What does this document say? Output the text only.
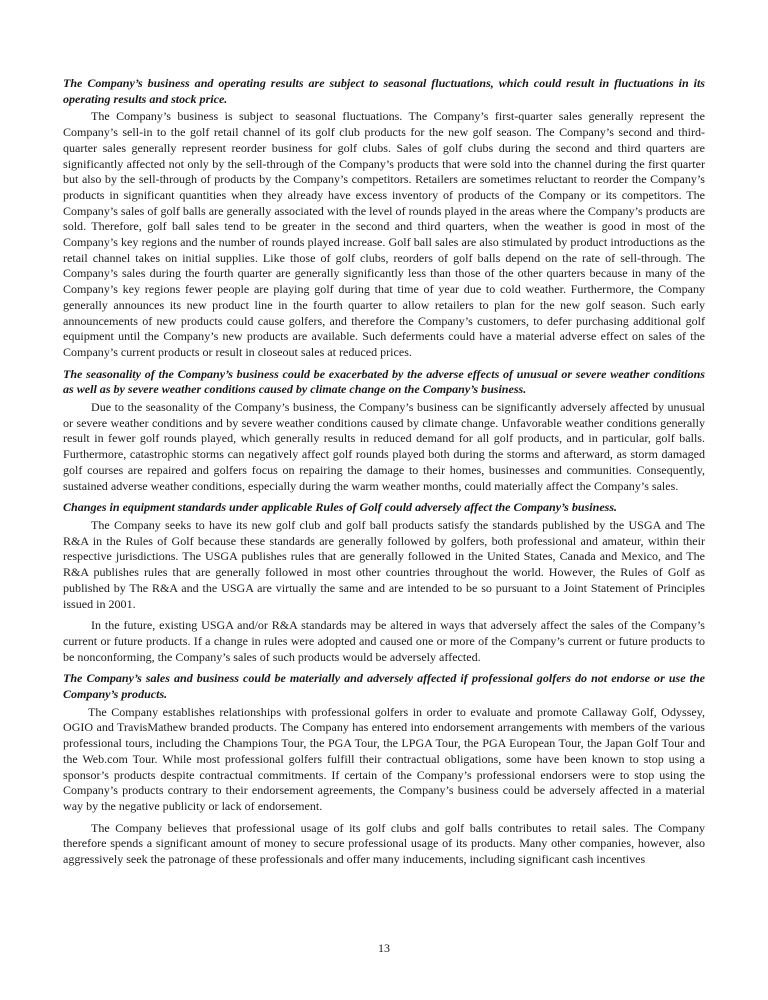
The Company’s business and operating results are subject to seasonal fluctuations, which could result in fluctuations in its operating results and stock price.

The Company’s business is subject to seasonal fluctuations. The Company’s first-quarter sales generally represent the Company’s sell-in to the golf retail channel of its golf club products for the new golf season. The Company’s second and third-quarter sales generally represent reorder business for golf clubs. Sales of golf clubs during the second and third quarters are significantly affected not only by the sell-through of the Company’s products that were sold into the channel during the first quarter but also by the sell-through of products by the Company’s competitors. Retailers are sometimes reluctant to reorder the Company’s products in significant quantities when they already have excess inventory of products of the Company or its competitors. The Company’s sales of golf balls are generally associated with the level of rounds played in the areas where the Company’s products are sold. Therefore, golf ball sales tend to be greater in the second and third quarters, when the weather is good in most of the Company’s key regions and the number of rounds played increase. Golf ball sales are also stimulated by product introductions as the retail channel takes on initial supplies. Like those of golf clubs, reorders of golf balls depend on the rate of sell-through. The Company’s sales during the fourth quarter are generally significantly less than those of the other quarters because in many of the Company’s key regions fewer people are playing golf during that time of year due to cold weather. Furthermore, the Company generally announces its new product line in the fourth quarter to allow retailers to plan for the new golf season. Such early announcements of new products could cause golfers, and therefore the Company’s customers, to defer purchasing additional golf equipment until the Company’s new products are available. Such deferments could have a material adverse effect on sales of the Company’s current products or result in closeout sales at reduced prices.

The seasonality of the Company’s business could be exacerbated by the adverse effects of unusual or severe weather conditions as well as by severe weather conditions caused by climate change on the Company’s business.

Due to the seasonality of the Company’s business, the Company’s business can be significantly adversely affected by unusual or severe weather conditions and by severe weather conditions caused by climate change. Unfavorable weather conditions generally result in fewer golf rounds played, which generally results in reduced demand for all golf products, and in particular, golf balls. Furthermore, catastrophic storms can negatively affect golf rounds played both during the storms and afterward, as storm damaged golf courses are repaired and golfers focus on repairing the damage to their homes, businesses and communities. Consequently, sustained adverse weather conditions, especially during the warm weather months, could materially affect the Company’s sales.

Changes in equipment standards under applicable Rules of Golf could adversely affect the Company’s business.

The Company seeks to have its new golf club and golf ball products satisfy the standards published by the USGA and The R&A in the Rules of Golf because these standards are generally followed by golfers, both professional and amateur, within their respective jurisdictions. The USGA publishes rules that are generally followed in the United States, Canada and Mexico, and The R&A publishes rules that are generally followed in most other countries throughout the world. However, the Rules of Golf as published by The R&A and the USGA are virtually the same and are intended to be so pursuant to a Joint Statement of Principles issued in 2001.

In the future, existing USGA and/or R&A standards may be altered in ways that adversely affect the sales of the Company’s current or future products. If a change in rules were adopted and caused one or more of the Company’s current or future products to be nonconforming, the Company’s sales of such products would be adversely affected.

The Company’s sales and business could be materially and adversely affected if professional golfers do not endorse or use the Company’s products.

The Company establishes relationships with professional golfers in order to evaluate and promote Callaway Golf, Odyssey, OGIO and TravisMathew branded products. The Company has entered into endorsement arrangements with members of the various professional tours, including the Champions Tour, the PGA Tour, the LPGA Tour, the PGA European Tour, the Japan Golf Tour and the Web.com Tour. While most professional golfers fulfill their contractual obligations, some have been known to stop using a sponsor’s products despite contractual commitments. If certain of the Company’s professional endorsers were to stop using the Company’s products contrary to their endorsement agreements, the Company’s business could be adversely affected in a material way by the negative publicity or lack of endorsement.

The Company believes that professional usage of its golf clubs and golf balls contributes to retail sales. The Company therefore spends a significant amount of money to secure professional usage of its products. Many other companies, however, also aggressively seek the patronage of these professionals and offer many inducements, including significant cash incentives

13
